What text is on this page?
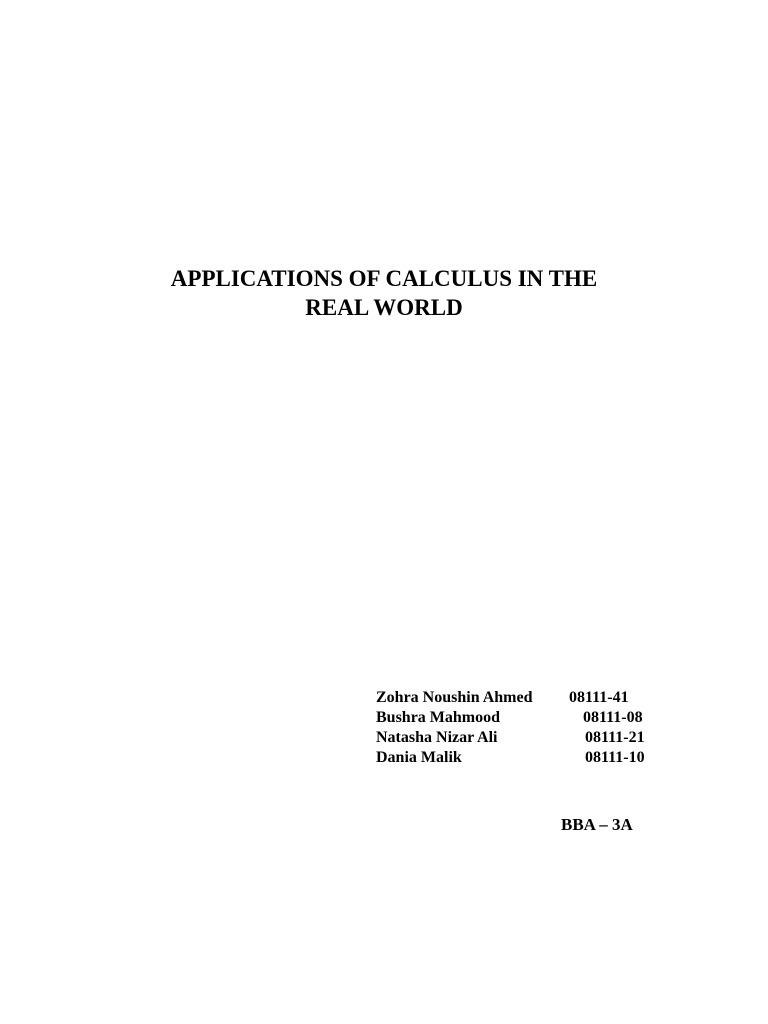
APPLICATIONS OF CALCULUS IN THE
REAL WORLD
Zohra Noushin Ahmed 08111-41
Bushra Mahmood	08111-08
Natasha Nizar Ali	08111-21
Dania Malik	08111-10
BBA – 3A
